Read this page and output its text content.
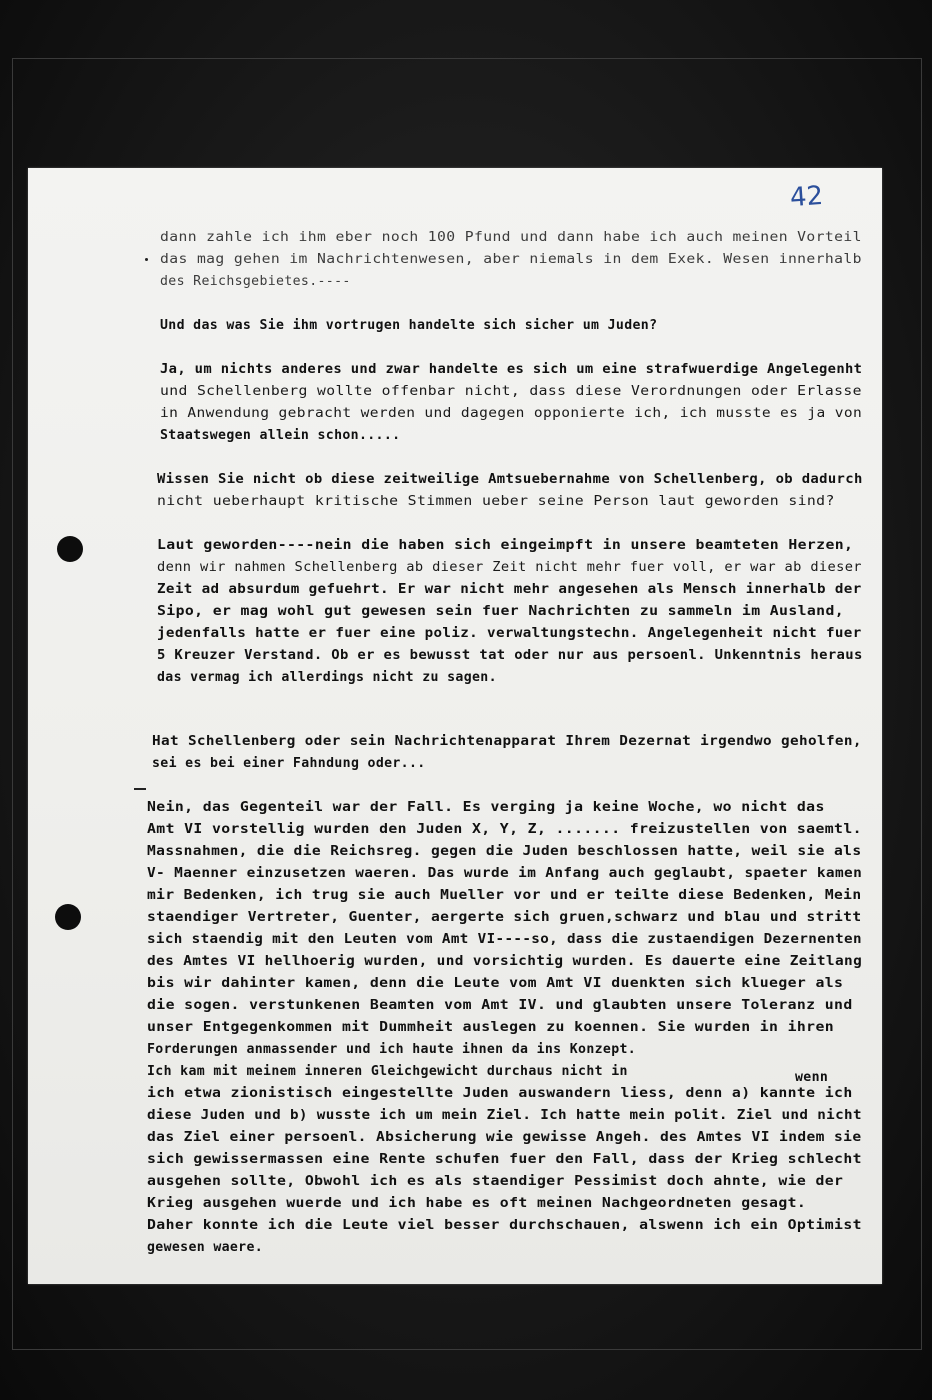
42
dann zahle ich ihm eber noch 100 Pfund und dann habe ich auch meinen Vorteil
das mag gehen im Nachrichtenwesen, aber niemals in dem Exek. Wesen innerhalb
des Reichsgebietes.----
Und das was Sie ihm vortrugen handelte sich sicher um Juden?
Ja, um nichts anderes und zwar handelte es sich um eine strafwuerdige Angelegenht
und Schellenberg wollte offenbar nicht, dass diese Verordnungen oder Erlasse
in Anwendung gebracht werden und dagegen opponierte ich, ich musste es ja von
Staatswegen allein schon.....
Wissen Sie nicht ob diese zeitweilige Amtsuebernahme von Schellenberg, ob dadurch
nicht ueberhaupt kritische Stimmen ueber seine Person laut geworden sind?
Laut geworden----nein die haben sich eingeimpft in unsere beamteten Herzen,
denn wir nahmen Schellenberg ab dieser Zeit nicht mehr fuer voll, er war ab dieser
Zeit ad absurdum gefuehrt. Er war nicht mehr angesehen als Mensch innerhalb der
Sipo, er mag wohl gut gewesen sein fuer Nachrichten zu sammeln im Ausland,
jedenfalls hatte er fuer eine poliz. verwaltungstechn. Angelegenheit nicht fuer
5 Kreuzer Verstand. Ob er es bewusst tat oder nur aus persoenl. Unkenntnis heraus
das vermag ich allerdings nicht zu sagen.
Hat Schellenberg oder sein Nachrichtenapparat Ihrem Dezernat irgendwo geholfen,
sei es bei einer Fahndung oder...
Nein, das Gegenteil war der Fall. Es verging ja keine Woche, wo nicht das
Amt VI vorstellig wurden den Juden X, Y, Z, ....... freizustellen von saemtl.
Massnahmen, die die Reichsreg. gegen die Juden beschlossen hatte, weil sie als
V- Maenner einzusetzen waeren. Das wurde im Anfang auch geglaubt, spaeter kamen
mir Bedenken, ich trug sie auch Mueller vor und er teilte diese Bedenken, Mein
staendiger Vertreter, Guenter, aergerte sich gruen,schwarz und blau und stritt
sich staendig mit den Leuten vom Amt VI----so, dass die zustaendigen Dezernenten
des Amtes VI hellhoerig wurden, und vorsichtig wurden. Es dauerte eine Zeitlang
bis wir dahinter kamen, denn die Leute vom Amt VI duenkten sich klueger als
die sogen. verstunkenen Beamten vom Amt IV. und glaubten unsere Toleranz und
unser Entgegenkommen mit Dummheit auslegen zu koennen. Sie wurden in ihren
Forderungen anmassender und ich haute ihnen da ins Konzept.
Ich kam mit meinem inneren Gleichgewicht durchaus nicht in	wenn
ich etwa zionistisch eingestellte Juden auswandern liess, denn a) kannte ich
diese Juden und b) wusste ich um mein Ziel. Ich hatte mein polit. Ziel und nicht
das Ziel einer persoenl. Absicherung wie gewisse Angeh. des Amtes VI indem sie
sich gewissermassen eine Rente schufen fuer den Fall, dass der Krieg schlecht
ausgehen sollte, Obwohl ich es als staendiger Pessimist doch ahnte, wie der
Krieg ausgehen wuerde und ich habe es oft meinen Nachgeordneten gesagt.
Daher konnte ich die Leute viel besser durchschauen, alswenn ich ein Optimist
gewesen waere.
